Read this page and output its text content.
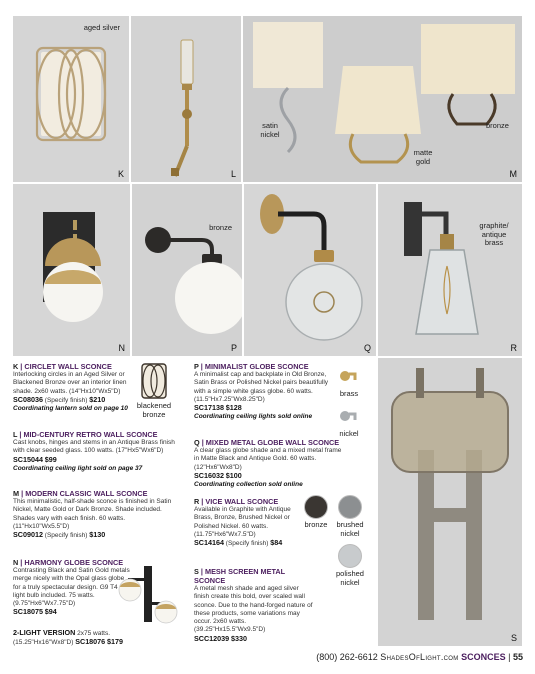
aged silver
K	L
satin nickel
matte gold
bronze
M
N
bronze
P	Q
graphite/ antique brass
R
S
K | CIRCLET WALL SCONCE
Interlocking circles in an Aged Silver or Blackened Bronze over an interior linen shade. 2x60 watts. (14"Hx10"Wx5"D)
SC08036 (Specify finish) $210
Coordinating lantern sold on page 10	blackened bronze
L | MID-CENTURY RETRO WALL SCONCE
Cast knobs, hinges and stems in an Antique Brass finish with clear seeded glass. 100 watts. (17"Hx5"Wx6"D)
SC15044 $99
Coordinating ceiling light sold on page 37
M | MODERN CLASSIC WALL SCONCE
This minimalistic, half-shade sconce is finished in Satin Nickel, Matte Gold or Dark Bronze. Shade included. Shades vary with each finish. 60 watts. (11"Hx10"Wx5.5"D)
SC09012 (Specify finish) $130
N | HARMONY GLOBE SCONCE
Contrasting Black and Satin Gold metals merge nicely with the Opal glass globe for a truly spectacular design. G9 T4 light bulb included. 75 watts. (9.75"Hx6"Wx7.75"D)
SC18075 $94
2-LIGHT VERSION 2x75 watts.
(15.25"Hx16"Wx8"D) SC18076 $179
P | MINIMALIST GLOBE SCONCE
A minimalist cap and backplate in Old Bronze, Satin Brass or Polished Nickel pairs beautifully with a simple white glass globe. 60 watts. (11.5"Hx7.25"Wx8.25"D)
SC17138 $128
Coordinating ceiling lights sold online
brass
nickel
Q | MIXED METAL GLOBE WALL SCONCE
A clear glass globe shade and a mixed metal frame in Matte Black and Antique Gold. 60 watts. (12"Hx6"Wx8"D)
SC16032 $100
Coordinating collection sold online
R | VICE WALL SCONCE
Available in Graphite with Antique Brass, Bronze, Brushed Nickel or Polished Nickel. 60 watts. (11.75"Hx6"Wx7.5"D)
SC14164 (Specify finish) $84
bronze	brushed nickel
polished nickel
S | MESH SCREEN METAL SCONCE
A metal mesh shade and aged silver finish create this bold, over scaled wall sconce. Due to the hand-forged nature of these products, some variations may occur. 2x60 watts. (39.25"Hx15.5"Wx9.5"D)
SCC12039 $330
(800) 262-6612 ShadesOfLight.com SCONCES | 55
